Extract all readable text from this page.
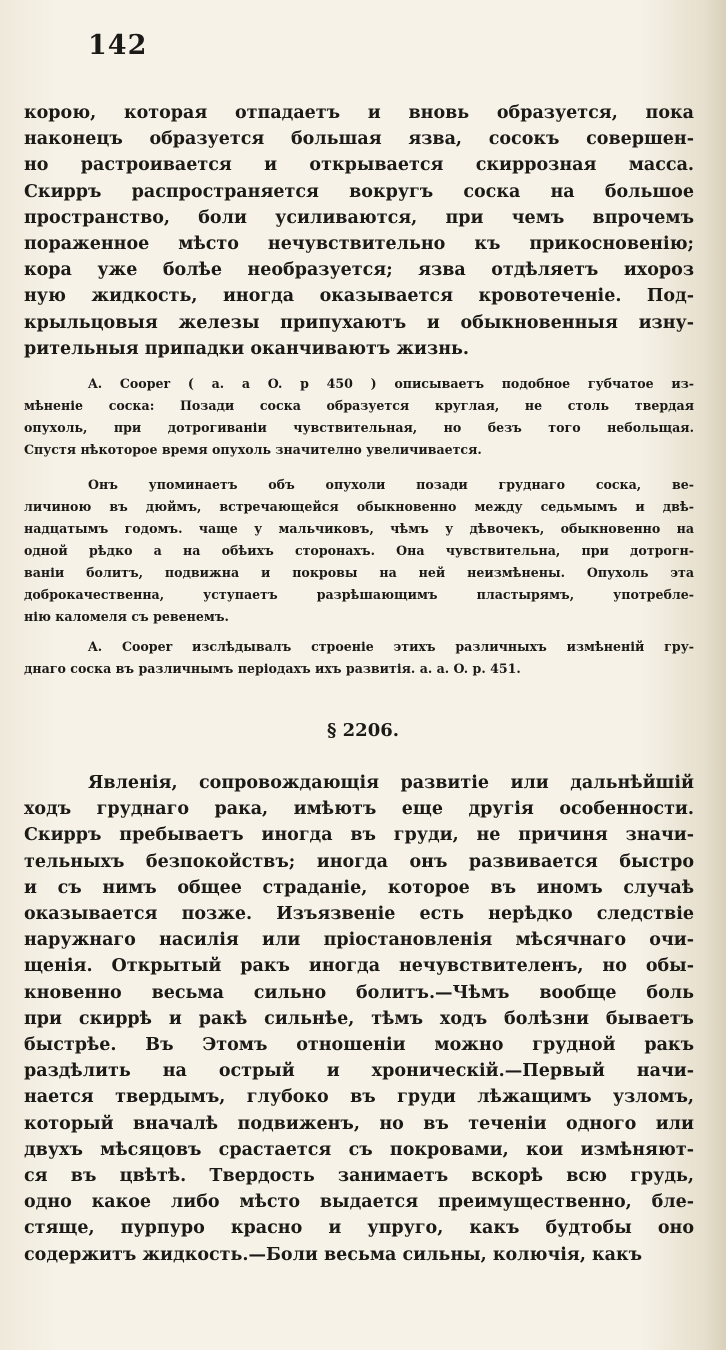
142
корою, которая отпадаетъ и вновь образуется, пока
наконецъ образуется большая язва, сосокъ совершен-
но растроивается и открывается скиррозная масса.
Скирръ распространяется вокругъ соска на большое
пространство, боли усиливаются, при чемъ впрочемъ
пораженное мѣсто нечувствительно къ прикосновенію;
кора уже болѣе необразуется; язва отдѣляетъ ихороз
ную жидкость, иногда оказывается кровотеченіе. Под-
крыльцовыя железы припухаютъ и обыкновенныя изну-
рительныя припадки оканчиваютъ жизнь.
A. Cooper ( a. a O. p 450 ) описываетъ подобное губчатое из-
мѣненіе соска: Позади соска образуется круглая, не столь твердая
опухоль, при дотрогиваніи чувствительная, но безъ того небольщая.
Спустя нѣкоторое время опухоль значително увеличивается.
Онъ упоминаетъ объ опухоли позади груднаго соска, ве-
личиною въ дюймъ, встречающейся обыкновенно между седьмымъ и двѣ-
надцатымъ годомъ. чаще у мальчиковъ, чѣмъ у дѣвочекъ, обыкновенно на
одной рѣдко а на обѣихъ сторонахъ. Она чувствительна, при дотрогн-
ваніи болитъ, подвижна и покровы на ней неизмѣнены. Опухоль эта
доброкачественна, уступаетъ разрѣшающимъ пластырямъ, употребле-
нію каломеля съ ревенемъ.
A. Cooper изслѣдывалъ строеніе этихъ различныхъ измѣненій гру-
днаго соска въ различнымъ періодахъ ихъ развитія. a. a. O. p. 451.
§ 2206.
Явленія, сопровождающія развитіе или дальнѣйшій
ходъ груднаго рака, имѣютъ еще другія особенности.
Скирръ пребываетъ иногда въ груди, не причиня значи-
тельныхъ безпокойствъ; иногда онъ развивается быстро
и съ нимъ общее страданіе, которое въ иномъ случаѣ
оказывается позже. Изъязвеніе есть нерѣдко следствіе
наружнаго насилія или пріостановленія мѣсячнаго очи-
щенія. Открытый ракъ иногда нечувствителенъ, но обы-
кновенно весьма сильно болитъ.—Чѣмъ вообще боль
при скиррѣ и ракѣ сильнѣе, тѣмъ ходъ болѣзни бываетъ
быстрѣе. Въ Этомъ отношеніи можно грудной ракъ
раздѣлить на острый и хроническій.—Первый начи-
нается твердымъ, глубоко въ груди лѣжащимъ узломъ,
который вначалѣ подвиженъ, но въ теченіи одного или
двухъ мѣсяцовъ срастается съ покровами, кои измѣняют-
ся въ цвѣтѣ. Твердость занимаетъ вскорѣ всю грудь,
одно какое либо мѣсто выдается преимущественно, бле-
стяще, пурпуро красно и упруго, какъ будтобы оно
содержитъ жидкость.—Боли весьма сильны, колючія, какъ
